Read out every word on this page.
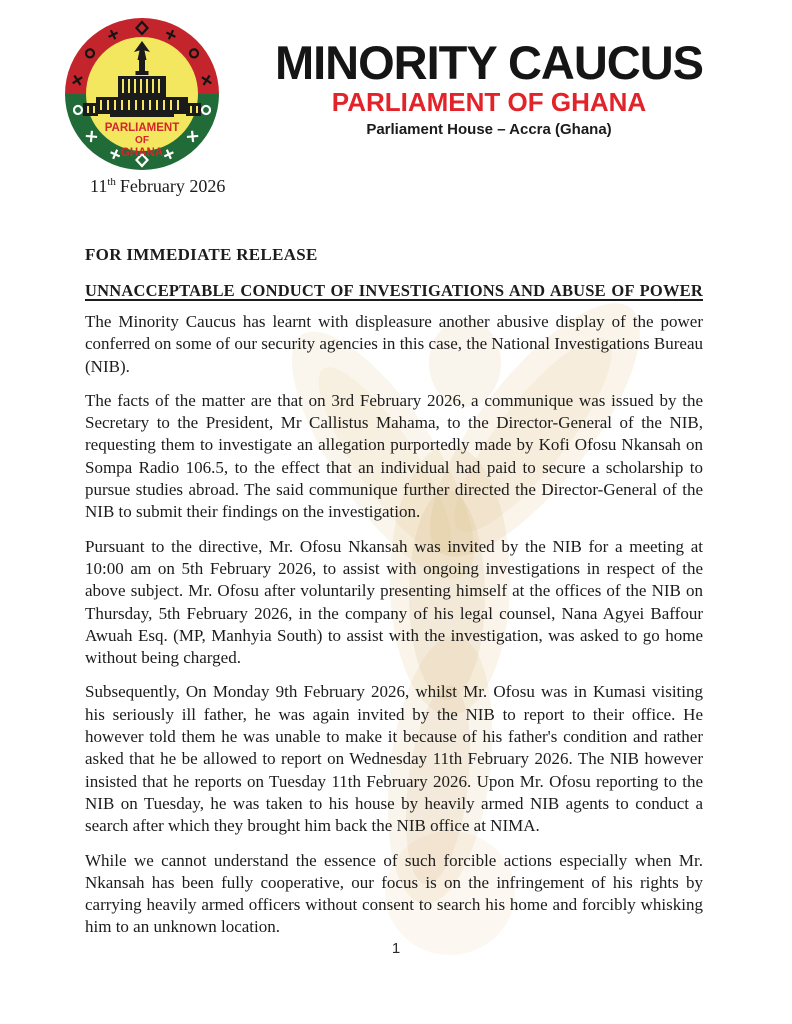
PARLIAMENT
OF
GHANA
MINORITY CAUCUS
PARLIAMENT OF GHANA
Parliament House – Accra (Ghana)
11th February 2026
FOR IMMEDIATE RELEASE
UNNACCEPTABLE CONDUCT OF INVESTIGATIONS AND ABUSE OF POWER

The Minority Caucus has learnt with displeasure another abusive display of the power conferred on some of our security agencies in this case, the National Investigations Bureau (NIB).

The facts of the matter are that on 3rd February 2026, a communique was issued by the Secretary to the President, Mr Callistus Mahama, to the Director-General of the NIB, requesting them to investigate an allegation purportedly made by Kofi Ofosu Nkansah on Sompa Radio 106.5, to the effect that an individual had paid to secure a scholarship to pursue studies abroad. The said communique further directed the Director-General of the NIB to submit their findings on the investigation.

Pursuant to the directive, Mr. Ofosu Nkansah was invited by the NIB for a meeting at 10:00 am on 5th February 2026, to assist with ongoing investigations in respect of the above subject. Mr. Ofosu after voluntarily presenting himself at the offices of the NIB on Thursday, 5th February 2026, in the company of his legal counsel, Nana Agyei Baffour Awuah Esq. (MP, Manhyia South) to assist with the investigation, was asked to go home without being charged.

Subsequently, On Monday 9th February 2026, whilst Mr. Ofosu was in Kumasi visiting his seriously ill father, he was again invited by the NIB to report to their office. He however told them he was unable to make it because of his father's condition and rather asked that he be allowed to report on Wednesday 11th February 2026. The NIB however insisted that he reports on Tuesday 11th February 2026. Upon Mr. Ofosu reporting to the NIB on Tuesday, he was taken to his house by heavily armed NIB agents to conduct a search after which they brought him back the NIB office at NIMA.

While we cannot understand the essence of such forcible actions especially when Mr. Nkansah has been fully cooperative, our focus is on the infringement of his rights by carrying heavily armed officers without consent to search his home and forcibly whisking him to an unknown location.

1
